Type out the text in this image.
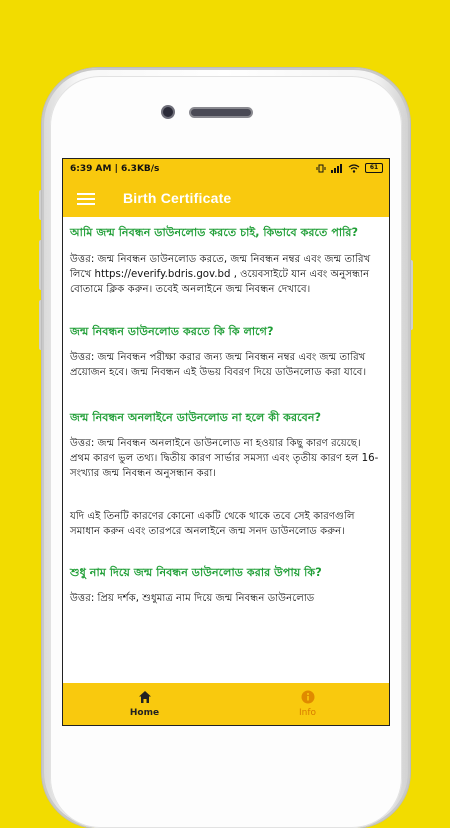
6:39 AM | 6.3KB/s	61
Birth Certificate

আমি জন্ম নিবন্ধন ডাউনলোড করতে চাই, কিভাবে করতে পারি?

উত্তর: জন্ম নিবন্ধন ডাউনলোড করতে, জন্ম নিবন্ধন নম্বর এবং জন্ম তারিখ লিখে https://everify.bdris.gov.bd , ওয়েবসাইটে যান এবং অনুসন্ধান বোতামে ক্লিক করুন। তবেই অনলাইনে জন্ম নিবন্ধন দেখাবে।

জন্ম নিবন্ধন ডাউনলোড করতে কি কি লাগে?

উত্তর: জন্ম নিবন্ধন পরীক্ষা করার জন্য জন্ম নিবন্ধন নম্বর এবং জন্ম তারিখ প্রয়োজন হবে। জন্ম নিবন্ধন এই উভয় বিবরণ দিয়ে ডাউনলোড করা যাবে।

জন্ম নিবন্ধন অনলাইনে ডাউনলোড না হলে কী করবেন?

উত্তর: জন্ম নিবন্ধন অনলাইনে ডাউনলোড না হওয়ার কিছু কারণ রয়েছে। প্রথম কারণ ভুল তথ্য। দ্বিতীয় কারণ সার্ভার সমস্যা এবং তৃতীয় কারণ হল 16-সংখ্যার জন্ম নিবন্ধন অনুসন্ধান করা।

যদি এই তিনটি কারণের কোনো একটি থেকে থাকে তবে সেই কারণগুলি সমাধান করুন এবং তারপরে অনলাইনে জন্ম সনদ ডাউনলোড করুন।

শুধু নাম দিয়ে জন্ম নিবন্ধন ডাউনলোড করার উপায় কি?

উত্তর: প্রিয় দর্শক, শুধুমাত্র নাম দিয়ে জন্ম নিবন্ধন ডাউনলোড

Home	Info
